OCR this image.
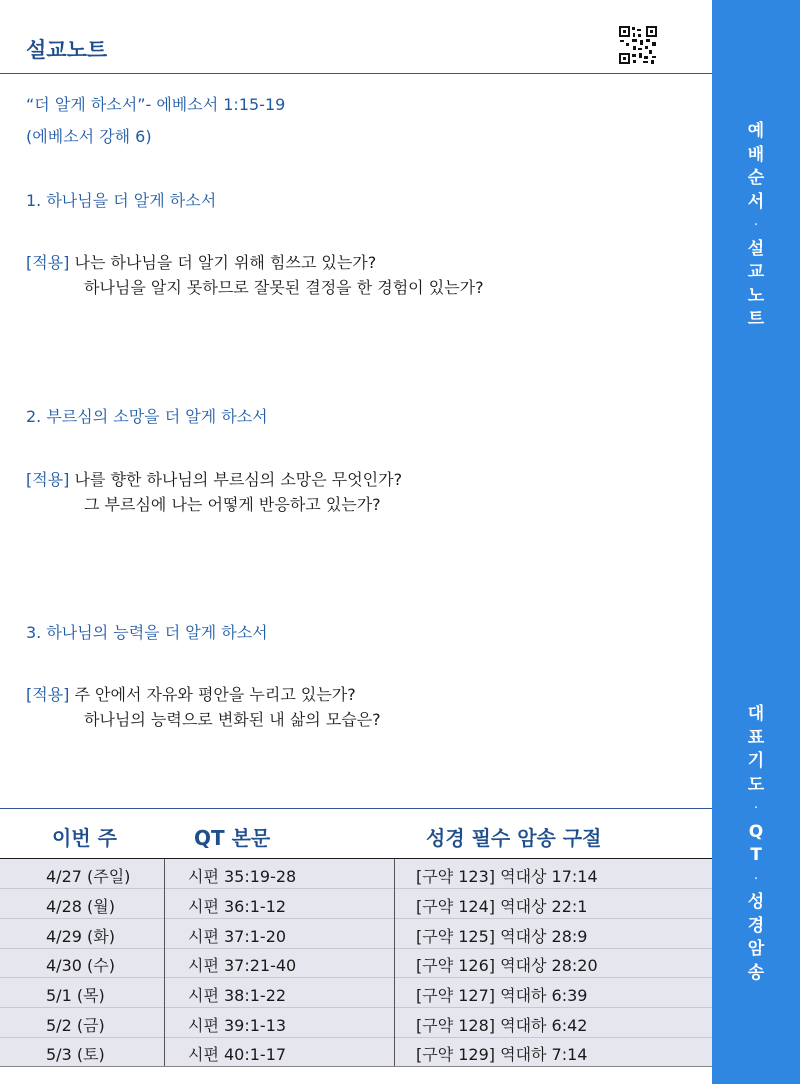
설교노트
“더 알게 하소서”- 에베소서 1:15-19
(에베소서 강해 6)
1. 하나님을 더 알게 하소서
[적용] 나는 하나님을 더 알기 위해 힘쓰고 있는가?
하나님을 알지 못하므로 잘못된 결정을 한 경험이 있는가?
2. 부르심의 소망을 더 알게 하소서
[적용] 나를 향한 하나님의 부르심의 소망은 무엇인가?
그 부르심에 나는 어떻게 반응하고 있는가?
3. 하나님의 능력을 더 알게 하소서
[적용] 주 안에서 자유와 평안을 누리고 있는가?
하나님의 능력으로 변화된 내 삶의 모습은?
이번 주	QT 본문	성경 필수 암송 구절
4/27 (주일)	시편 35:19-28	[구약 123] 역대상 17:14
4/28 (월)	시편 36:1-12	[구약 124] 역대상 22:1
4/29 (화)	시편 37:1-20	[구약 125] 역대상 28:9
4/30 (수)	시편 37:21-40	[구약 126] 역대상 28:20
5/1 (목)	시편 38:1-22	[구약 127] 역대하 6:39
5/2 (금)	시편 39:1-13	[구약 128] 역대하 6:42
5/3 (토)	시편 40:1-17	[구약 129] 역대하 7:14
예
배
순
서
·
설
교
노
트
대
표
기
도
·
Q
T
·
성
경
암
송
